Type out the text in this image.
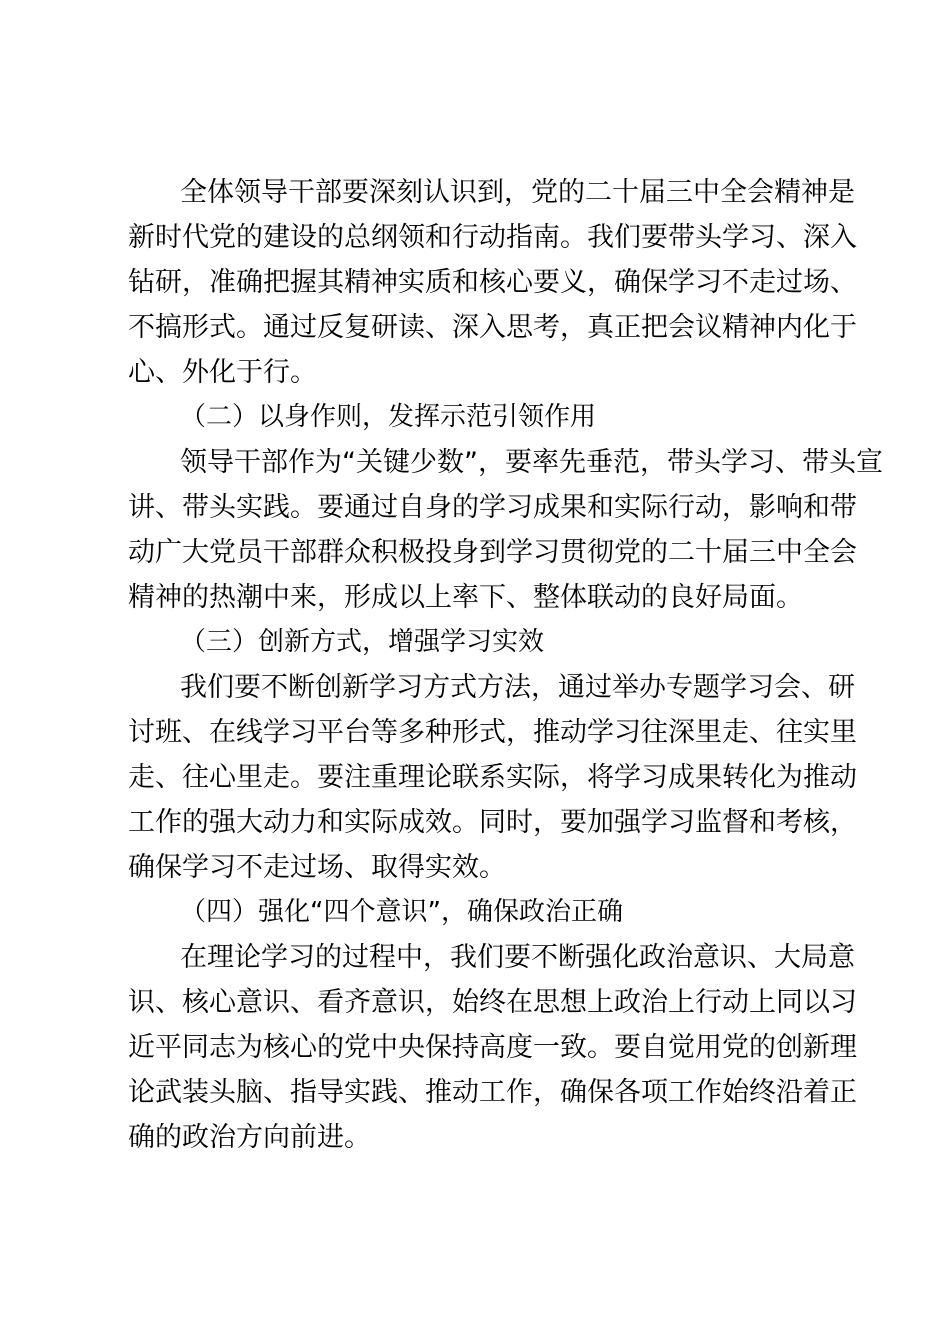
全体领导干部要深刻认识到，党的二十届三中全会精神是
新时代党的建设的总纲领和行动指南。我们要带头学习、深入
钻研，准确把握其精神实质和核心要义，确保学习不走过场、
不搞形式。通过反复研读、深入思考，真正把会议精神内化于
心、外化于行。
（二）以身作则，发挥示范引领作用
领导干部作为“关键少数”，要率先垂范，带头学习、带头宣
讲、带头实践。要通过自身的学习成果和实际行动，影响和带
动广大党员干部群众积极投身到学习贯彻党的二十届三中全会
精神的热潮中来，形成以上率下、整体联动的良好局面。
（三）创新方式，增强学习实效
我们要不断创新学习方式方法，通过举办专题学习会、研
讨班、在线学习平台等多种形式，推动学习往深里走、往实里
走、往心里走。要注重理论联系实际，将学习成果转化为推动
工作的强大动力和实际成效。同时，要加强学习监督和考核，
确保学习不走过场、取得实效。
（四）强化“四个意识”，确保政治正确
在理论学习的过程中，我们要不断强化政治意识、大局意
识、核心意识、看齐意识，始终在思想上政治上行动上同以习
近平同志为核心的党中央保持高度一致。要自觉用党的创新理
论武装头脑、指导实践、推动工作，确保各项工作始终沿着正
确的政治方向前进。
